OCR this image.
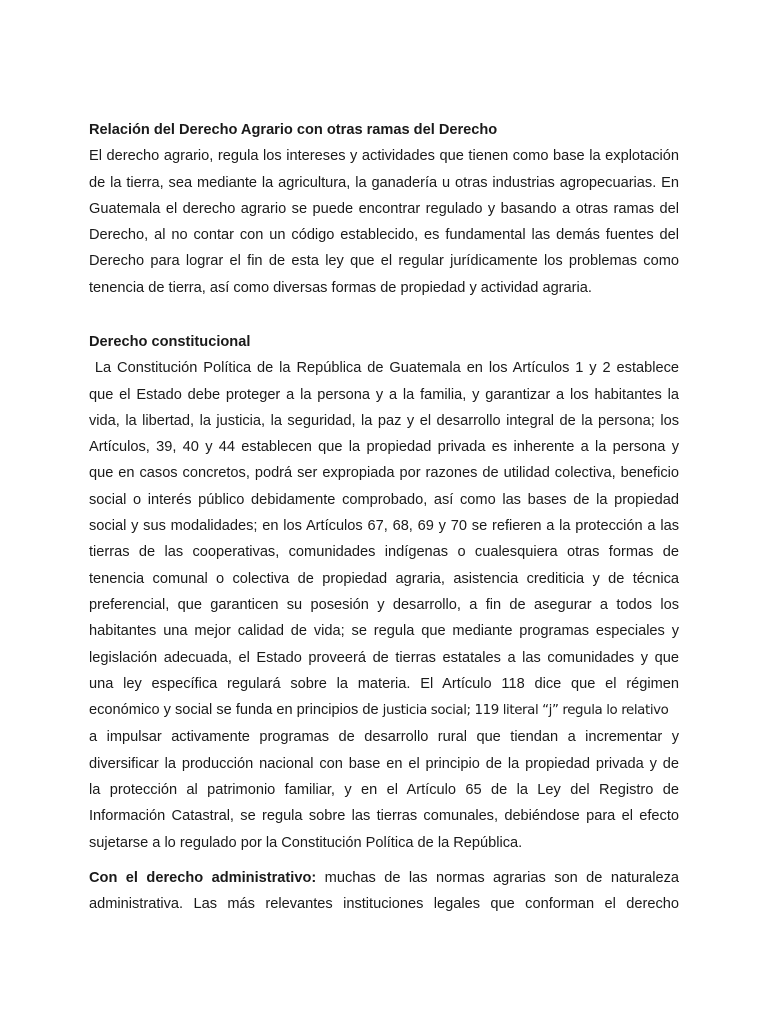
Relación del Derecho Agrario con otras ramas del Derecho
El derecho agrario, regula los intereses y actividades que tienen como base la explotación
de la tierra, sea mediante la agricultura, la ganadería u otras industrias agropecuarias. En
Guatemala el derecho agrario se puede encontrar regulado y basando a otras ramas del
Derecho, al no contar con un código establecido, es fundamental las demás fuentes del
Derecho para lograr el fin de esta ley que el regular jurídicamente los problemas como
tenencia de tierra, así como diversas formas de propiedad y actividad agraria.
Derecho constitucional
La Constitución Política de la República de Guatemala en los Artículos 1 y 2 establece
que el Estado debe proteger a la persona y a la familia, y garantizar a los habitantes la
vida, la libertad, la justicia, la seguridad, la paz y el desarrollo integral de la persona; los
Artículos, 39, 40 y 44 establecen que la propiedad privada es inherente a la persona y
que en casos concretos, podrá ser expropiada por razones de utilidad colectiva, beneficio
social o interés público debidamente comprobado, así como las bases de la propiedad
social y sus modalidades; en los Artículos 67, 68, 69 y 70 se refieren a la protección a las
tierras de las cooperativas, comunidades indígenas o cualesquiera otras formas de
tenencia comunal o colectiva de propiedad agraria, asistencia crediticia y de técnica
preferencial, que garanticen su posesión y desarrollo, a fin de asegurar a todos los
habitantes una mejor calidad de vida; se regula que mediante programas especiales y
legislación adecuada, el Estado proveerá de tierras estatales a las comunidades y que
una ley específica regulará sobre la materia. El Artículo 118 dice que el régimen
económico y social se funda en principios de justicia social; 119 literal “j” regula lo relativo
a impulsar activamente programas de desarrollo rural que tiendan a incrementar y
diversificar la producción nacional con base en el principio de la propiedad privada y de
la protección al patrimonio familiar, y en el Artículo 65 de la Ley del Registro de
Información Catastral, se regula sobre las tierras comunales, debiéndose para el efecto
sujetarse a lo regulado por la Constitución Política de la República.
Con el derecho administrativo: muchas de las normas agrarias son de naturaleza
administrativa. Las más relevantes instituciones legales que conforman el derecho
